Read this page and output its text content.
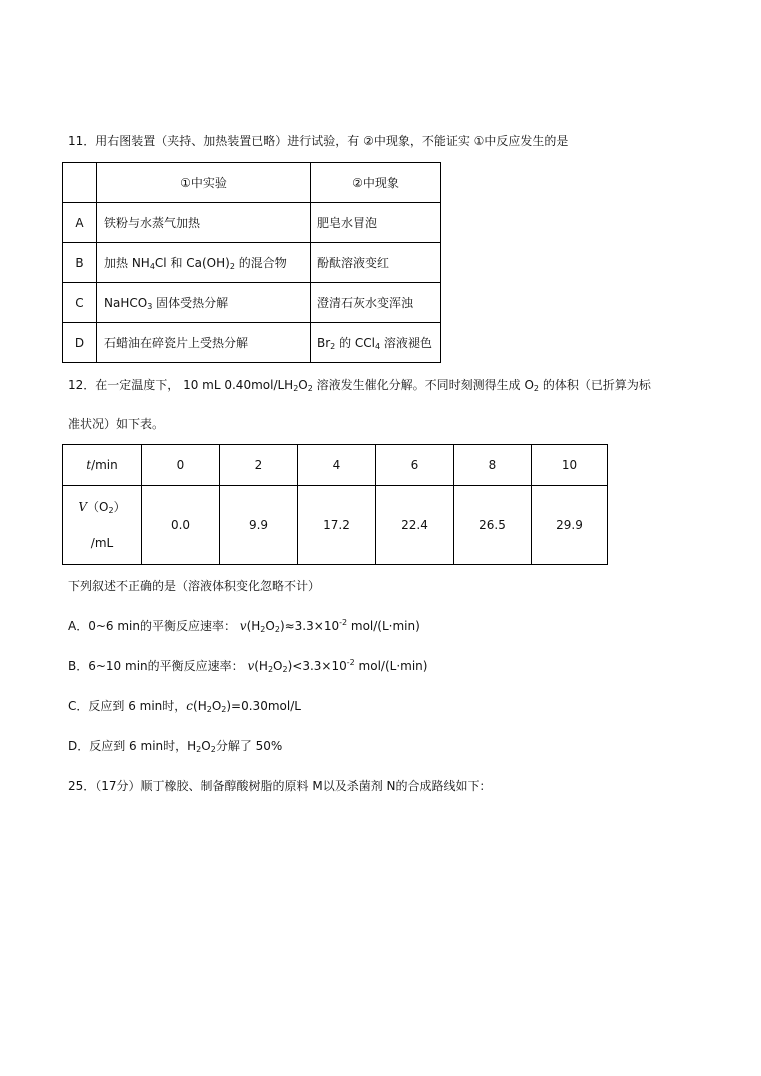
11．用右图装置（夹持、加热装置已略）进行试验，有 ②中现象，不能证实 ①中反应发生的是
	①中实验	②中现象
A	铁粉与水蒸气加热	肥皂水冒泡
B	加热 $NH_4Cl$ 和 $Ca(OH)_2$ 的混合物	酚酞溶液变红
C	NaHCO$_3$ 固体受热分解	澄清石灰水变浑浊
D	石蜡油在碎瓷片上受热分解	$Br_2$ 的 CCl$_4$ 溶液褪色
12．在一定温度下， 10 mL $0.40mol/LH_2O_2$ 溶液发生催化分解。不同时刻测得生成 $O_2$ 的体积（已折算为标
准状况）如下表。
t/min	0	2	4	6	8	10

$V(O_2)$
/mL	0.0	9.9	17.2	22.4	26.5	29.9
下列叙述不正确的是（溶液体积变化忽略不计）
A．0~6 min的平衡反应速率： $v(H_2O_2)\approx 3.3\times 10^{-2}$ mol/(L·min)
B．6~10 min的平衡反应速率： $v(H_2O_2)<3.3\times 10^{-2}$ mol/(L·min)
C．反应到 6 min时，$c(H_2O_2)=0.30mol/L$
D．反应到 6 min时，$H_2O_2$分解了 50%
25．（17分）顺丁橡胶、制备醇酸树脂的原料 M以及杀菌剂 N的合成路线如下：
